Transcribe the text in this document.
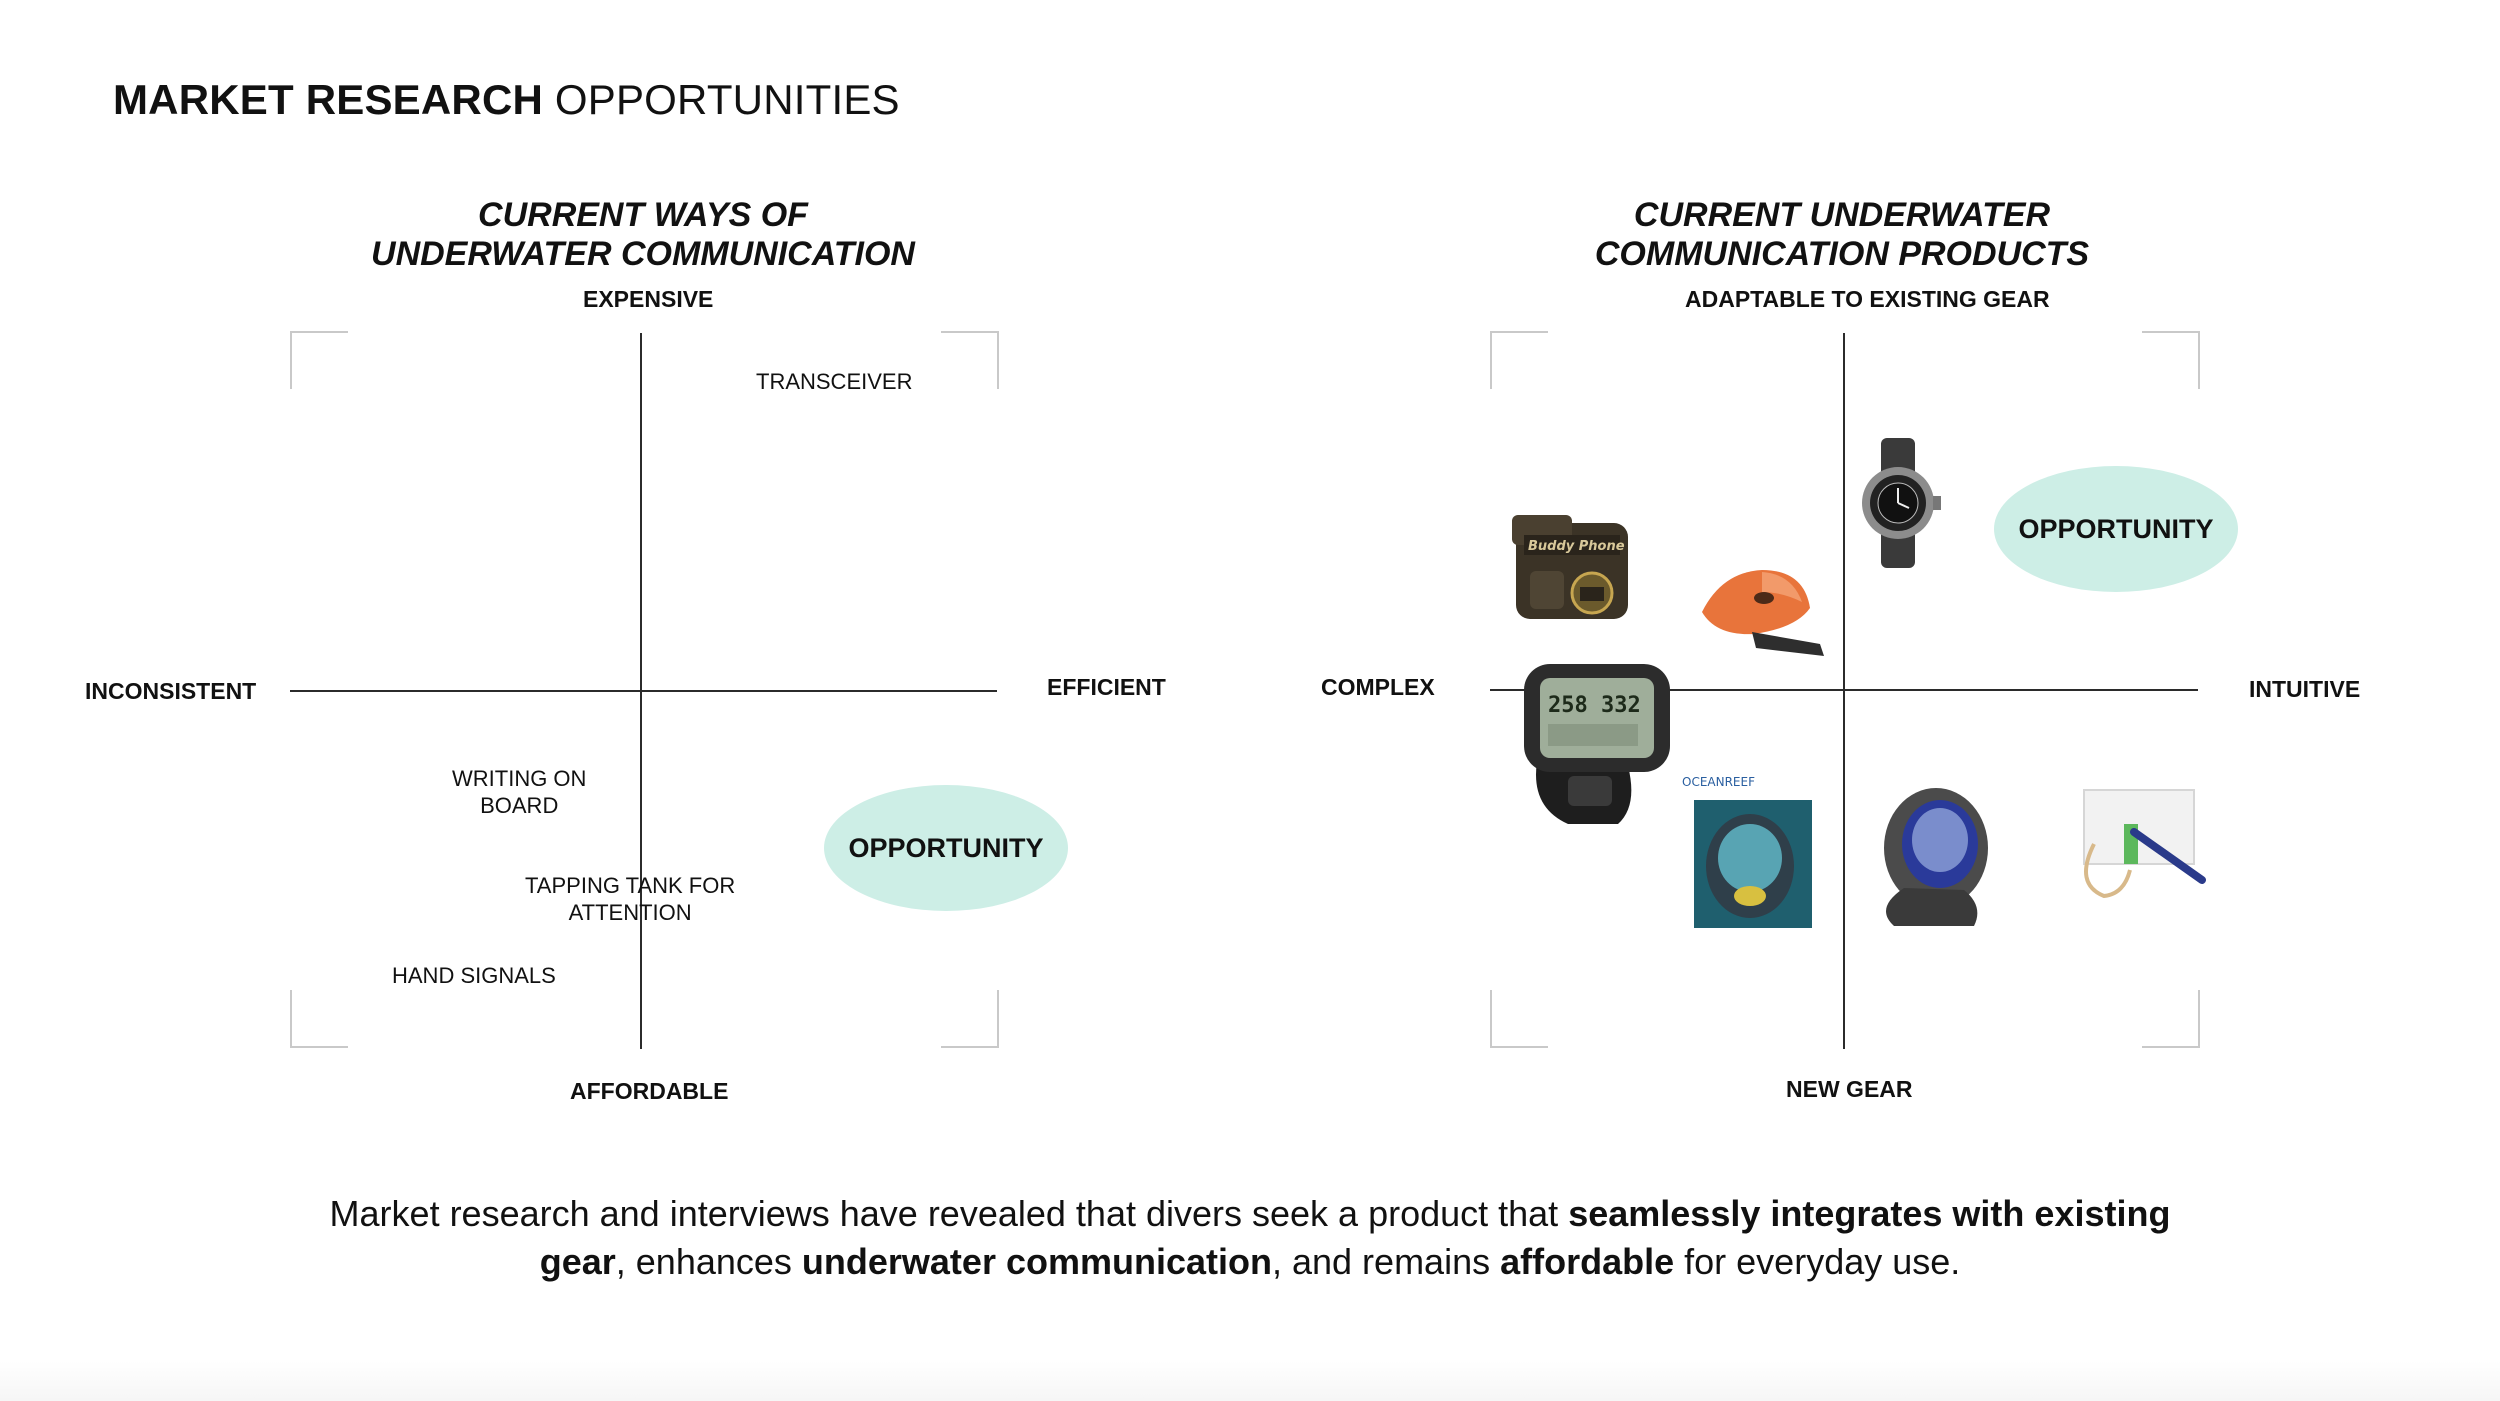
MARKET RESEARCH OPPORTUNITIES
CURRENT WAYS OF
UNDERWATER COMMUNICATION
EXPENSIVE
AFFORDABLE
INCONSISTENT	EFFICIENT
TRANSCEIVER
WRITING ON
BOARD
TAPPING TANK FOR
ATTENTION
HAND SIGNALS
OPPORTUNITY
CURRENT UNDERWATER
COMMUNICATION PRODUCTS
ADAPTABLE TO EXISTING GEAR
NEW GEAR
COMPLEX	INTUITIVE
OPPORTUNITY
Buddy Phone
258 332
OCEANREEF
Market research and interviews have revealed that divers seek a product that seamlessly integrates with existing gear, enhances underwater communication, and remains affordable for everyday use.
